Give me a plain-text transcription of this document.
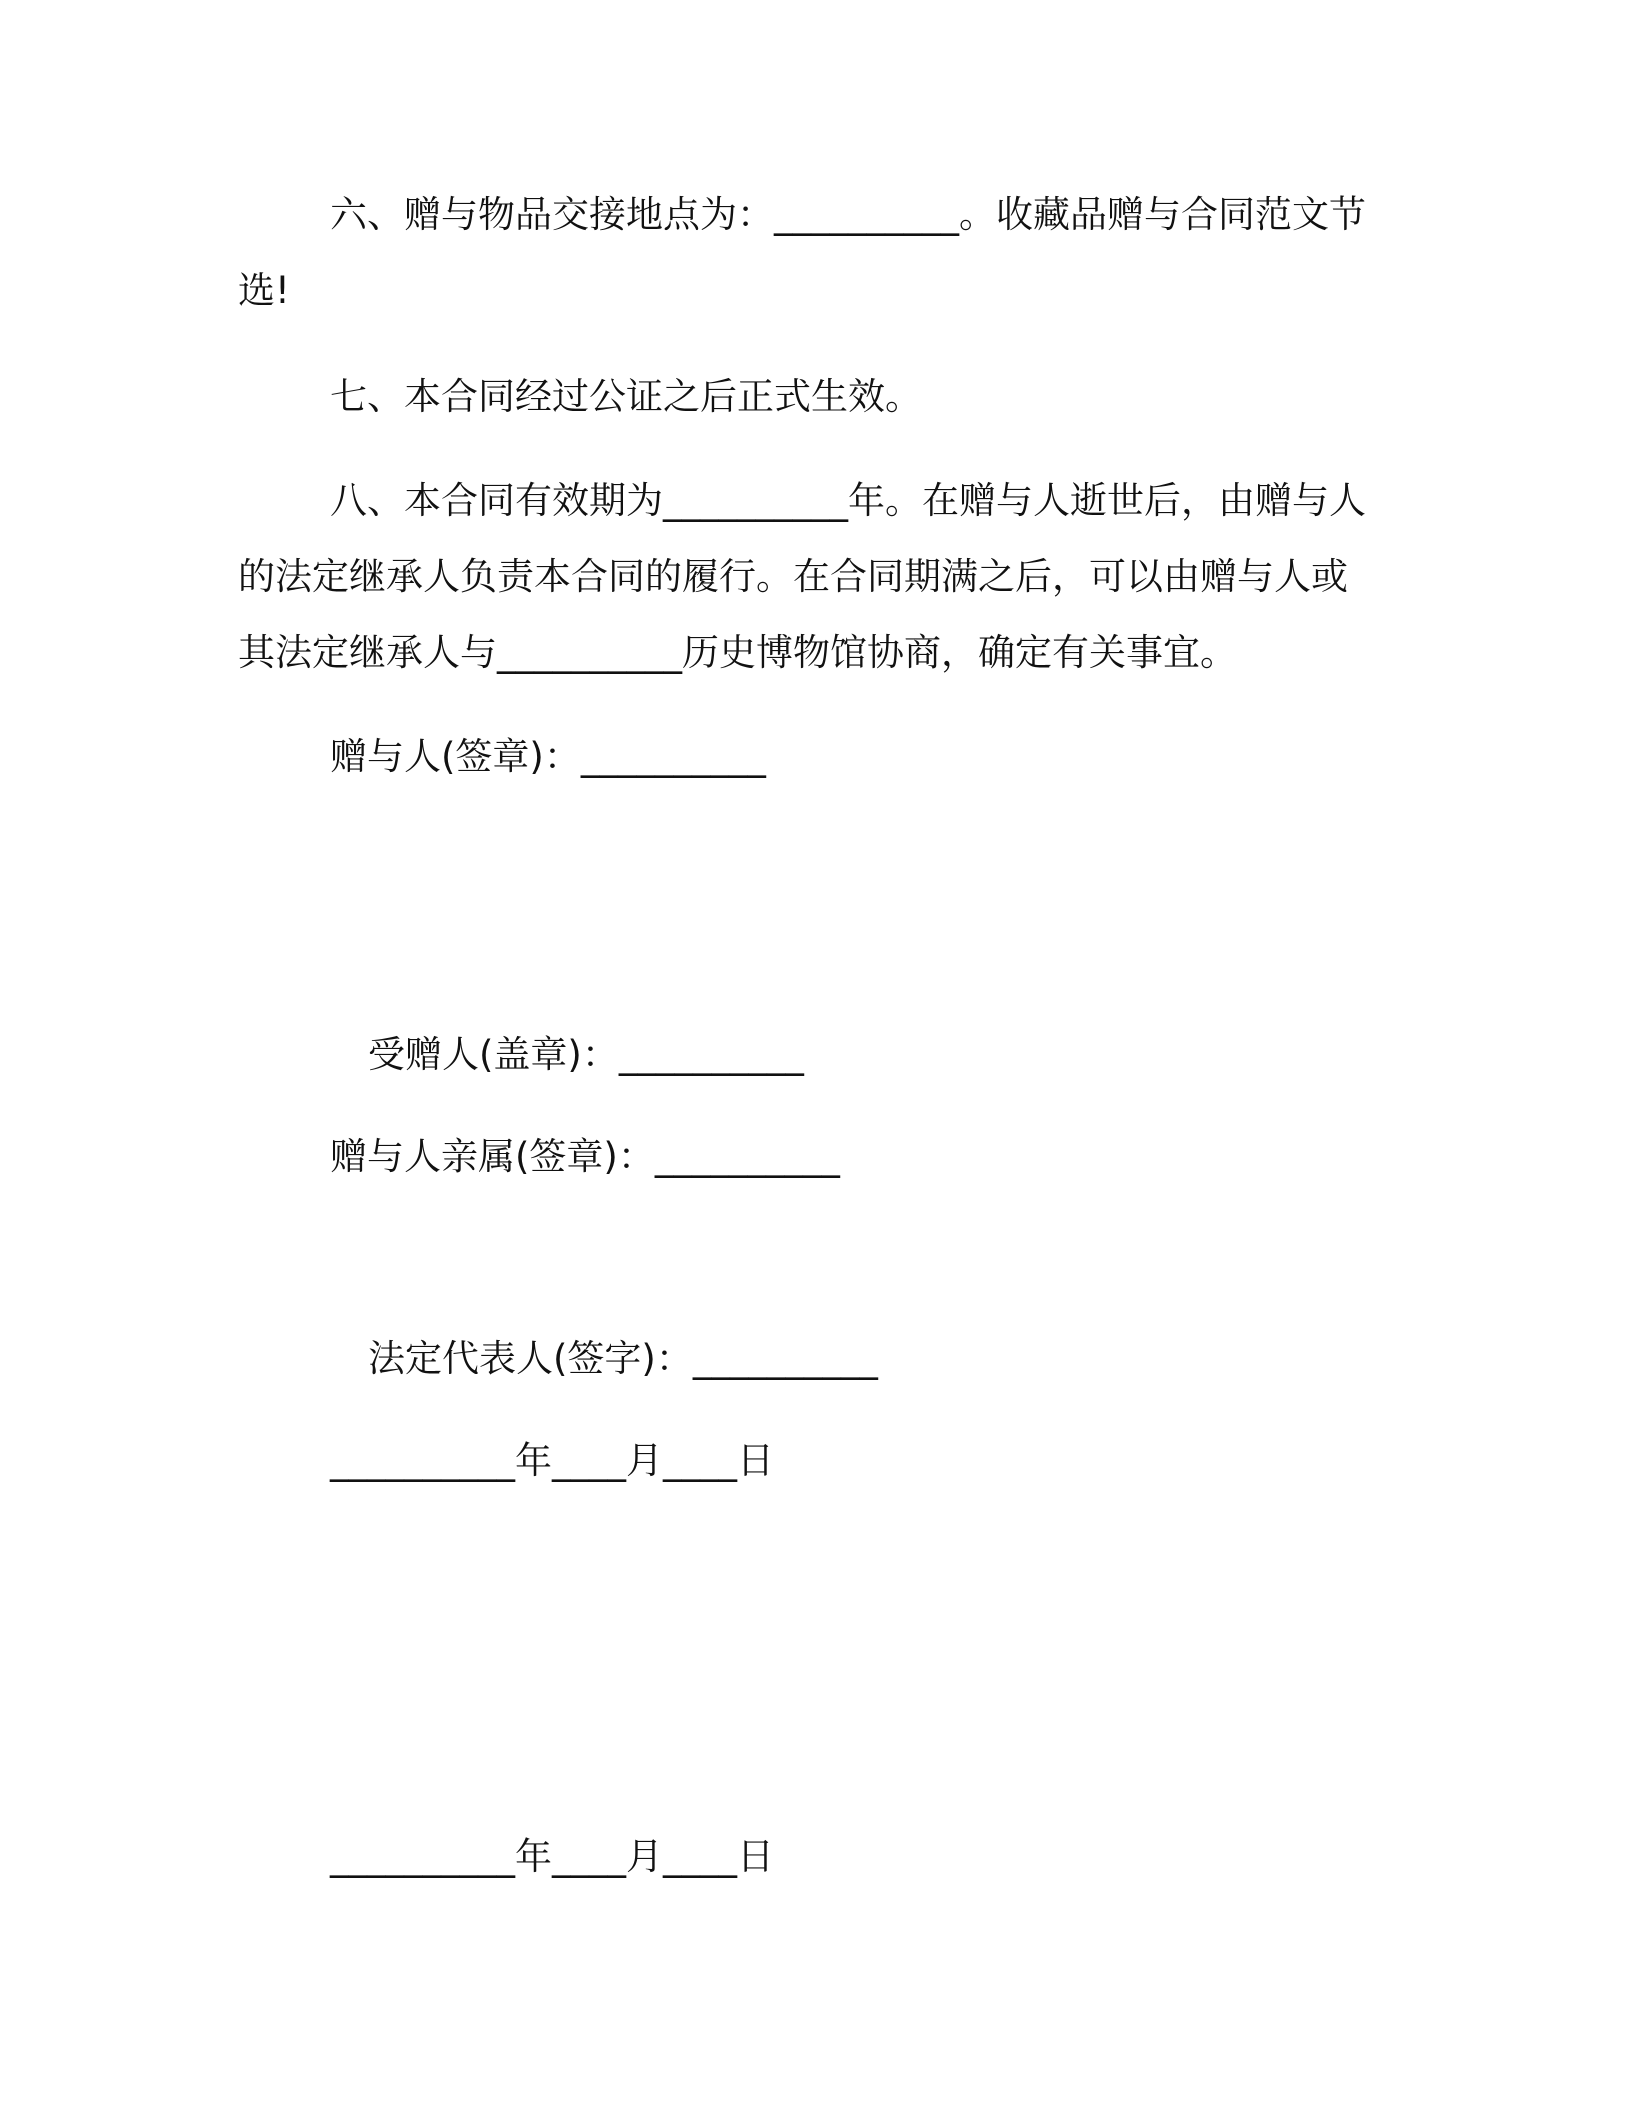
六、赠与物品交接地点为：__________。收藏品赠与合同范文节
选!
七、本合同经过公证之后正式生效。
八、本合同有效期为__________年。在赠与人逝世后，由赠与人
的法定继承人负责本合同的履行。在合同期满之后，可以由赠与人或
其法定继承人与__________历史博物馆协商，确定有关事宜。
赠与人(签章)：__________
受赠人(盖章)：__________
赠与人亲属(签章)：__________
法定代表人(签字)：__________
__________年____月____日
__________年____月____日
